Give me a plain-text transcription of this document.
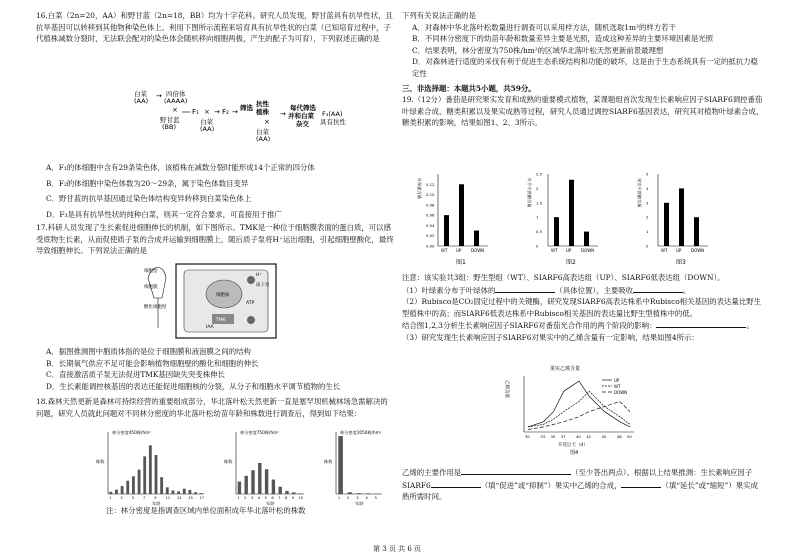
16.白菜（2n=20，AA）和野甘蓝（2n=18，BB）均为十字花科。研究人员发现，野甘蓝具有抗旱性状，且抗旱基因可以转移到其他物种染色体上。利用下图所示流程来培育具有抗旱性状的白菜（已知培育过程中，子代植株减数分裂时，无法联会配对的染色体会随机移向细胞两极，产生的配子为可育），下列叙述正确的是

白菜
(AA)
→ 四倍体
(AAAA)
×
野甘蓝
(BB)
F₁ ×
白菜
(AA)
→ F₂ → 筛选 抗性
植株
×
白菜
(AA)
→
每代筛选
并和白菜
杂交
F₃(AA)
具有抗性

A．F₁的体细胞中含有29条染色体，该植株在减数分裂时能形成14个正常的四分体

B．F₂的体细胞中染色体数为20～29条，属于染色体数目变异

C．野甘蓝的抗旱基因通过染色体结构变异转移到白菜染色体上

D．F₃是具有抗旱性状的纯种白菜，则其一定符合要求，可直接用于推广

17.科研人员发现了生长素促进细胞伸长的机制，如下图所示。TMK是一种位于细胞膜表面的蛋白质，可以感受底物生长素，从而促使质子泵的合成并运输到细胞膜上，随后质子泵将H⁺运出细胞，引起细胞壁酸化，最终导致细胞伸长。下列说法正确的是

细胞壁
细胞膜
酸化细胞壁
H⁺
质子泵
IAA
TMK
细胞核
ATP

A．据图推测图中胞质体指的是位于细胞膜和液泡膜之间的结构

B．长期氧气供应不足可能会影响植物细胞壁的酸化和细胞的伸长

C．直接激活质子泵无法促进TMK基因缺失突变株伸长

D．生长素能调控核基因的表达还能促进细胞核的分裂，从分子和细胞水平调节植物的生长

18.森林天然更新是森林可持续经营的重要组成部分，华北落叶松天然更新一直是塞罕坝机械林场急需解决的问题，研究人员就此问题对不同林分密度的华北落叶松幼苗年龄和株数进行调查后，得到如下结果：

林分密度450株/hm²
株数
年龄
1 3 5 7 9 11 13 15 17
林分密度750株/hm²
株数
年龄
1 2 3 4 5 6 7 8 9 10
林分密度1050株/hm²
株数
年龄
1 2 3 4 5

注：林分密度是指调查区域内单位面积成年华北落叶松的株数

下列有关说法正确的是

A．对森林中华北落叶松数量进行调查可以采用样方法，随机选取1m²的样方若干

B．不同林分密度下的幼苗年龄和数量差异主要是光照，造成这种差异的主要环境因素是光照

C．结果表明，林分密度为750株/hm²的区域华北落叶松天然更新前景最理想

D．对森林进行适度的采伐有利于促进生态系统结构和功能的破坏，这是由于生态系统具有一定的抵抗力稳定性

三、非选择题：本题共5小题，共59分。

19.（12分）番茄是研究果实发育和成熟的重要模式植物，某课题组首次发现生长素响应因子SIARF6调控番茄叶绿素合成、糖类积累以及果实成熟等过程，研究人员通过调控SIARF6基因表达，研究其对植物叶绿素合成、糖类积累的影响，结果如图1、2、3所示。

叶绿素含量
0.00
0.02
0.04
0.06
0.08
0.10
0.12
WT UP DOWN
图1
叶片中蔗糖含量
0
0.5
1
1.5
2
2.5
WT UP DOWN
图2
果实中蔗糖含量
0
1
2
3
4
5
WT UP DOWN
图3

注意：该实验共3组：野生型组（WT）、SIARF6高表达组（UP）、SIARF6低表达组（DOWN）。

（1）叶绿素分布于叶绿体的	（具体位置），主要吸收	。

（2）Rubisco是CO₂固定过程中的关键酶，研究发现SIARF6高表达株系中Rubisco相关基因的表达量比野生型植株中的高；而SIARF6低表达株系中Rubisco相关基因的表达量比野生型植株中的低。

结合图1,2,3分析生长素响应因子SIARF6对番茄光合作用的两个阶段的影响：	。

（3）研究发现生长素响应因子SIARF6对果实中的乙烯含量有一定影响，结果如图4所示：

果实乙烯含量
乙烯含量
30	33 35 37	40 42	45	48 50
UP
WT
DOWN
开花后天（d）
图4

乙烯的主要作用是	（至少答出两点）。根据以上结果推测：生长素响应因子SIARF6	（填“促进”或“抑制”）果实中乙烯的合成，	（填“延长”或“缩短”）果实成熟所需时间。

第 3 页 共 6 页
